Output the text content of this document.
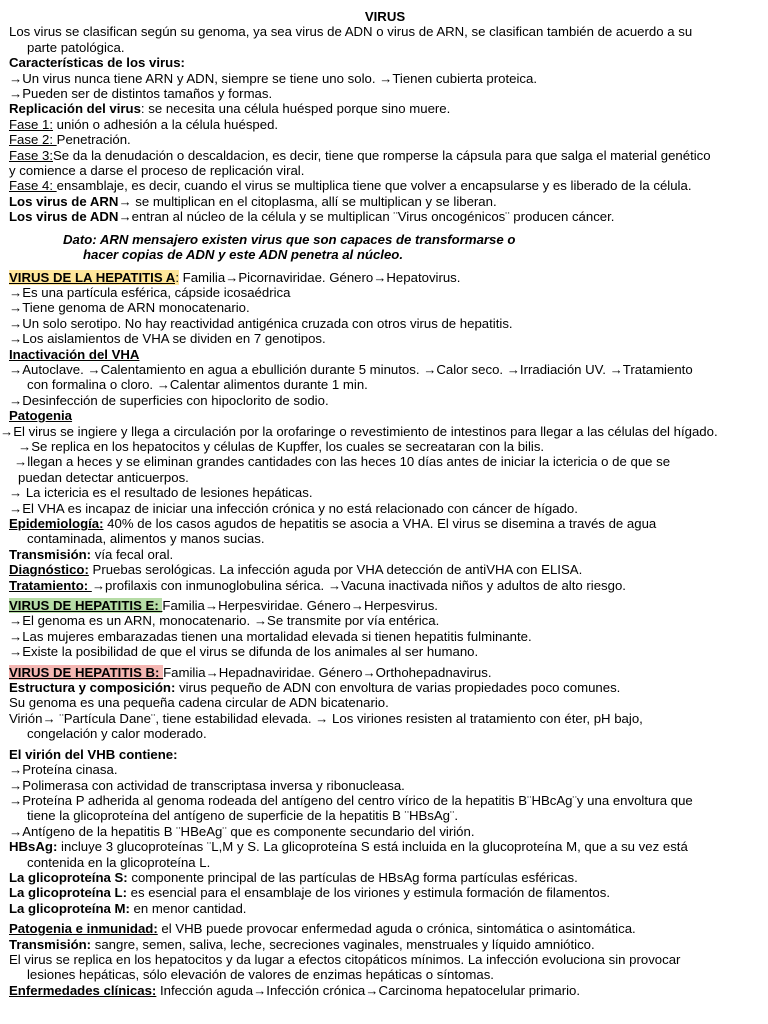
VIRUS

Los virus se clasifican según su genoma, ya sea virus de ADN o virus de ARN, se clasifican también de acuerdo a su

parte patológica.

Características de los virus:

→Un virus nunca tiene ARN y ADN, siempre se tiene uno solo. →Tienen cubierta proteica.

→Pueden ser de distintos tamaños y formas.

Replicación del virus: se necesita una célula huésped porque sino muere.

Fase 1: unión o adhesión a la célula huésped.

Fase 2: Penetración.

Fase 3:Se da la denudación o descaldacion, es decir, tiene que romperse la cápsula para que salga el material genético

y comience a darse el proceso de replicación viral.

Fase 4: ensamblaje, es decir, cuando el virus se multiplica tiene que volver a encapsularse y es liberado de la célula.

Los virus de ARN→ se multiplican en el citoplasma, allí se multiplican y se liberan.

Los virus de ADN→entran al núcleo de la célula y se multiplican ¨Virus oncogénicos¨ producen cáncer.

Dato: ARN mensajero existen virus que son capaces de transformarse o
hacer copias de ADN y este ADN penetra al núcleo.

VIRUS DE LA HEPATITIS A: Familia→Picornaviridae. Género→Hepatovirus.

→Es una partícula esférica, cápside icosaédrica

→Tiene genoma de ARN monocatenario.

→Un solo serotipo. No hay reactividad antigénica cruzada con otros virus de hepatitis.

→Los aislamientos de VHA se dividen en 7 genotipos.

Inactivación del VHA

→Autoclave. →Calentamiento en agua a ebullición durante 5 minutos. →Calor seco. →Irradiación UV. →Tratamiento

con formalina o cloro. →Calentar alimentos durante 1 min.

→Desinfección de superficies con hipoclorito de sodio.

Patogenia

→El virus se ingiere y llega a circulación por la orofaringe o revestimiento de intestinos para llegar a las células del hígado.

→Se replica en los hepatocitos y células de Kupffer, los cuales se secreataran con la bilis.

→llegan a heces y se eliminan grandes cantidades con las heces 10 días antes de iniciar la ictericia o de que se

puedan detectar anticuerpos.

→ La ictericia es el resultado de lesiones hepáticas.

→El VHA es incapaz de iniciar una infección crónica y no está relacionado con cáncer de hígado.

Epidemiología: 40% de los casos agudos de hepatitis se asocia a VHA. El virus se disemina a través de agua

contaminada, alimentos y manos sucias.

Transmisión: vía fecal oral.

Diagnóstico: Pruebas serológicas. La infección aguda por VHA detección de antiVHA con ELISA.

Tratamiento: →profilaxis con inmunoglobulina sérica. →Vacuna inactivada niños y adultos de alto riesgo.

VIRUS DE HEPATITIS E: Familia→Herpesviridae. Género→Herpesvirus.

→El genoma es un ARN, monocatenario. →Se transmite por vía entérica.

→Las mujeres embarazadas tienen una mortalidad elevada si tienen hepatitis fulminante.

→Existe la posibilidad de que el virus se difunda de los animales al ser humano.

VIRUS DE HEPATITIS B: Familia→Hepadnaviridae. Género→Orthohepadnavirus.

Estructura y composición: virus pequeño de ADN con envoltura de varias propiedades poco comunes.

Su genoma es una pequeña cadena circular de ADN bicatenario.

Virión→ ¨Partícula Dane¨, tiene estabilidad elevada. → Los viriones resisten al tratamiento con éter, pH bajo,

congelación y calor moderado.

El virión del VHB contiene:

→Proteína cinasa.

→Polimerasa con actividad de transcriptasa inversa y ribonucleasa.

→Proteína P adherida al genoma rodeada del antígeno del centro vírico de la hepatitis B¨HBcAg¨y una envoltura que

tiene la glicoproteína del antígeno de superficie de la hepatitis B ¨HBsAg¨.

→Antígeno de la hepatitis B ¨HBeAg¨ que es componente secundario del virión.

HBsAg: incluye 3 glucoproteínas ¨L,M y S. La glicoproteína S está incluida en la glucoproteína M, que a su vez está

contenida en la glicoproteína L.

La glicoproteína S: componente principal de las partículas de HBsAg forma partículas esféricas.

La glicoproteína L: es esencial para el ensamblaje de los viriones y estimula formación de filamentos.

La glicoproteína M: en menor cantidad.

Patogenia e inmunidad: el VHB puede provocar enfermedad aguda o crónica, sintomática o asintomática.

Transmisión: sangre, semen, saliva, leche, secreciones vaginales, menstruales y líquido amniótico.

El virus se replica en los hepatocitos y da lugar a efectos citopáticos mínimos. La infección evoluciona sin provocar

lesiones hepáticas, sólo elevación de valores de enzimas hepáticas o síntomas.

Enfermedades clínicas: Infección aguda→Infección crónica→Carcinoma hepatocelular primario.
